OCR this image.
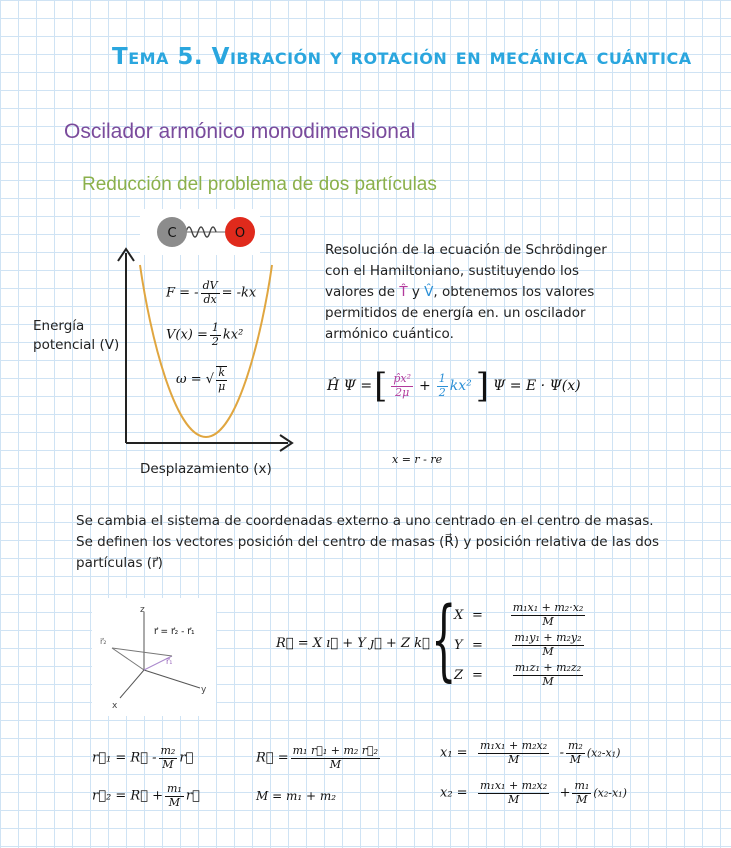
Tema 5. Vibración y rotación en mecánica cuántica
Oscilador armónico monodimensional
Reducción del problema de dos partículas
C	O
Energía
potencial (V)
Desplazamiento (x)
F = - $\frac{dV}{dx} = -kx$
$V(x) = \frac{1}{2} kx^2$
ω = √ $\frac{k}{\mu}$
Resolución de la ecuación de Schrödinger
con el Hamiltoniano, sustituyendo los
valores de T̂ y V̂, obtenemos los valores
permitidos de energía en. un oscilador
armónico cuántico.
Ĥ Ψ = [ $\frac{\text{p̂x²}}{2\mu} + \frac{1}{2} kx^2$ ] Ψ = E · Ψ(x)
x = r - re
Se cambia el sistema de coordenadas externo a uno centrado en el centro de masas.
Se definen los vectores posición del centro de masas (R⃗) y posición relativa de las dos
partículas (r⃗)
z
y
x
r⃗₂
r⃗₁
r⃗ = r⃗₂ - r⃗₁
R⃗ = X ı⃗ + Y ȷ⃗ + Z k⃗ {
X =	$\frac{\text{m₁x₁ + m₂·x₂}}{M}$
Y =	$\frac{\text{m₁y₁ + m₂y₂}}{M}$
Z =	$\frac{\text{m₁z₁ + m₂z₂}}{M}$
r⃗₁ = R⃗ - $\frac{\text{m₂}}{M}$ r⃗
r⃗₂ = R⃗ + $\frac{\text{m₁}}{M}$ r⃗
R⃗ = $\frac{\text{m₁ r⃗₁ + m₂ r⃗₂}}{M}$
M = m₁ + m₂
$x_1 = \frac{\text{m₁x₁ + m₂x₂}}{M} - \frac{\text{m₂}}{M} (x_2-x_1)$
$x_2 = \frac{\text{m₁x₁ + m₂x₂}}{M} + \frac{\text{m₁}}{M} (x_2-x_1)$
